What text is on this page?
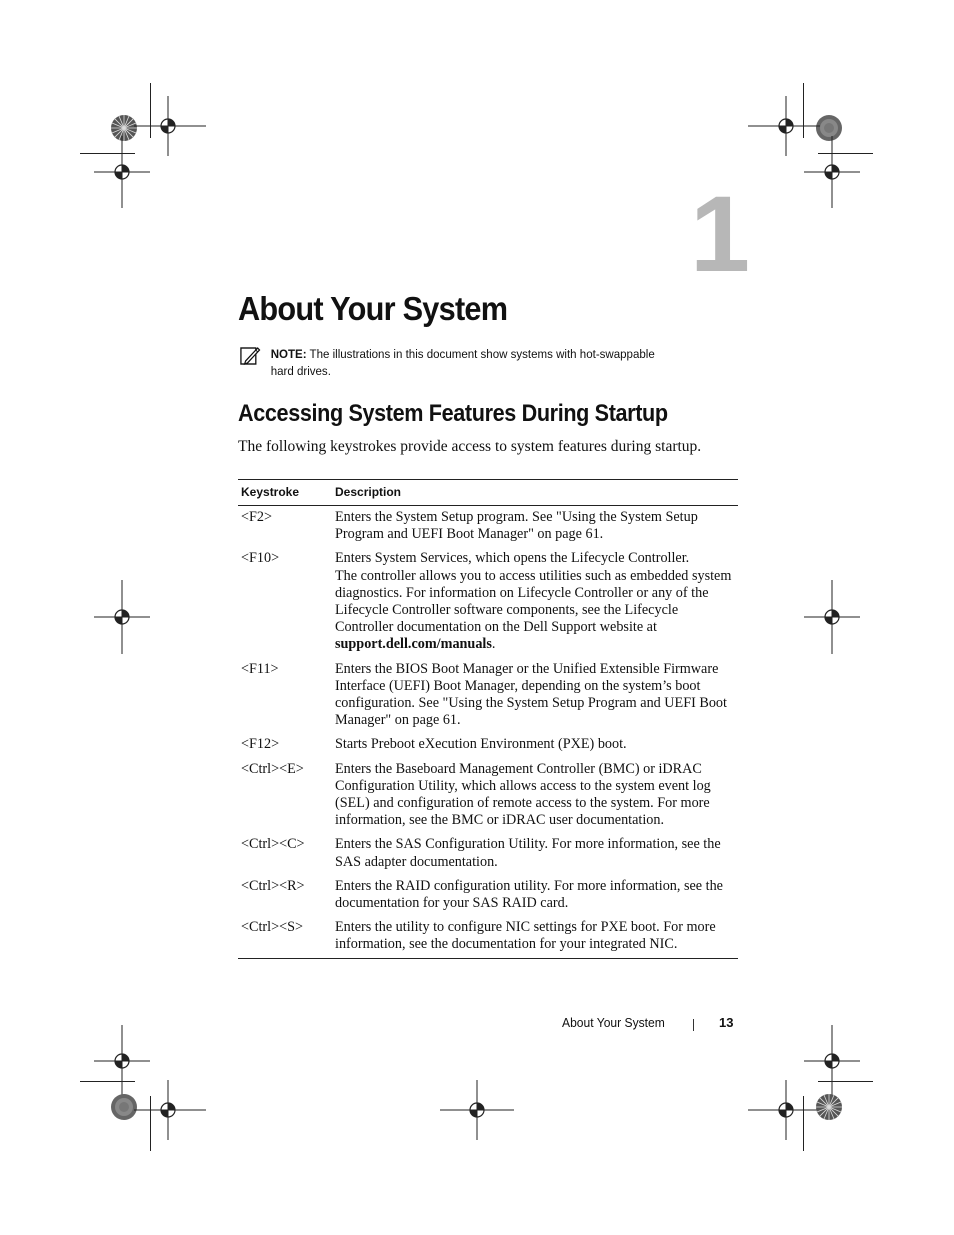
1
About Your System
NOTE: The illustrations in this document show systems with hot-swappable hard drives.
Accessing System Features During Startup

The following keystrokes provide access to system features during startup.

Keystroke	Description
<F2>	Enters the System Setup program. See "Using the System Setup Program and UEFI Boot Manager" on page 61.
<F10>	Enters System Services, which opens the Lifecycle Controller.
The controller allows you to access utilities such as embedded system diagnostics. For information on Lifecycle Controller or any of the Lifecycle Controller software components, see the Lifecycle Controller documentation on the Dell Support website at support.dell.com/manuals.
<F11>	Enters the BIOS Boot Manager or the Unified Extensible Firmware Interface (UEFI) Boot Manager, depending on the system’s boot configuration. See "Using the System Setup Program and UEFI Boot Manager" on page 61.
<F12>	Starts Preboot eXecution Environment (PXE) boot.
<Ctrl><E>	Enters the Baseboard Management Controller (BMC) or iDRAC Configuration Utility, which allows access to the system event log (SEL) and configuration of remote access to the system. For more information, see the BMC or iDRAC user documentation.
<Ctrl><C>	Enters the SAS Configuration Utility. For more information, see the SAS adapter documentation.
<Ctrl><R>	Enters the RAID configuration utility. For more information, see the documentation for your SAS RAID card.
<Ctrl><S>	Enters the utility to configure NIC settings for PXE boot. For more information, see the documentation for your integrated NIC.
About Your System	13
